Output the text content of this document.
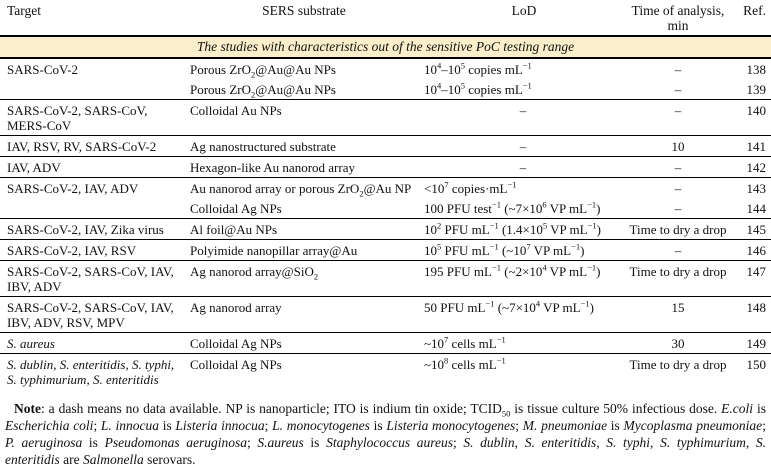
Target	SERS substrate	LoD	Time of analysis, min	Ref.
The studies with characteristics out of the sensitive PoC testing range				
SARS-CoV-2	Porous ZrO$_2$@Au@Au NPs	$10^4-10^5$ copies $mL^{-1}$	–	138
	Porous ZrO$_2$@Au@Au NPs	$10^4-10^5$ copies $mL^{-1}$	–	139
SARS-CoV-2, SARS-CoV, MERS-CoV	Colloidal Au NPs	–	–	140
IAV, RSV, RV, SARS-CoV-2	Ag nanostructured substrate	–	10	141
IAV, ADV	Hexagon-like Au nanorod array	–	–	142
SARS-CoV-2, IAV, ADV	Au nanorod array or porous ZrO$_2$@Au NP	$<10^7$ $copies\cdot mL^{-1}$	–	143
	Colloidal Ag NPs	100 PFU test$^{-1}$ ($\sim 7\times 10^6$ VP $mL^{-1}$)	–	144
SARS-CoV-2, IAV, Zika virus	Al foil@Au NPs	$10^2$ PFU $mL^{-1}$ ($1.4\times 10^5$ VP $mL^{-1}$)	Time to dry a drop	145
SARS-CoV-2, IAV, RSV	Polyimide nanopillar array@Au	$10^5$ PFU $mL^{-1}$ ($\sim 10^7$ VP $mL^{-1}$)	–	146
SARS-CoV-2, SARS-CoV, IAV, IBV, ADV	Ag nanorod array@SiO$_2$	195 PFU $mL^{-1}$ ($\sim 2\times 10^4$ VP $mL^{-1}$)	Time to dry a drop	147
SARS-CoV-2, SARS-CoV, IAV, IBV, ADV, RSV, MPV	Ag nanorod array	50 PFU $mL^{-1}$ ($\sim 7\times 10^4$ VP $mL^{-1}$)	15	148
S. aureus	Colloidal Ag NPs	$\sim 10^7$ cells $mL^{-1}$	30	149
S. dublin, S. enteritidis, S. typhi, S. typhimurium, S. enteritidis	Colloidal Ag NPs	$\sim 10^8$ cells $mL^{-1}$	Time to dry a drop	150

Note: a dash means no data available. NP is nanoparticle; ITO is indium tin oxide; $TCID_{50}$ is tissue culture 50% infectious dose. E.coli is Escherichia coli; L. innocua is Listeria innocua; L. monocytogenes is Listeria monocytogenes; M. pneumoniae is Mycoplasma pneumoniae; P. aeruginosa is Pseudomonas aeruginosa; S.aureus is Staphylococcus aureus; S. dublin, S. enteritidis, S. typhi, S. typhimurium, S. enteritidis are Salmonella serovars.
